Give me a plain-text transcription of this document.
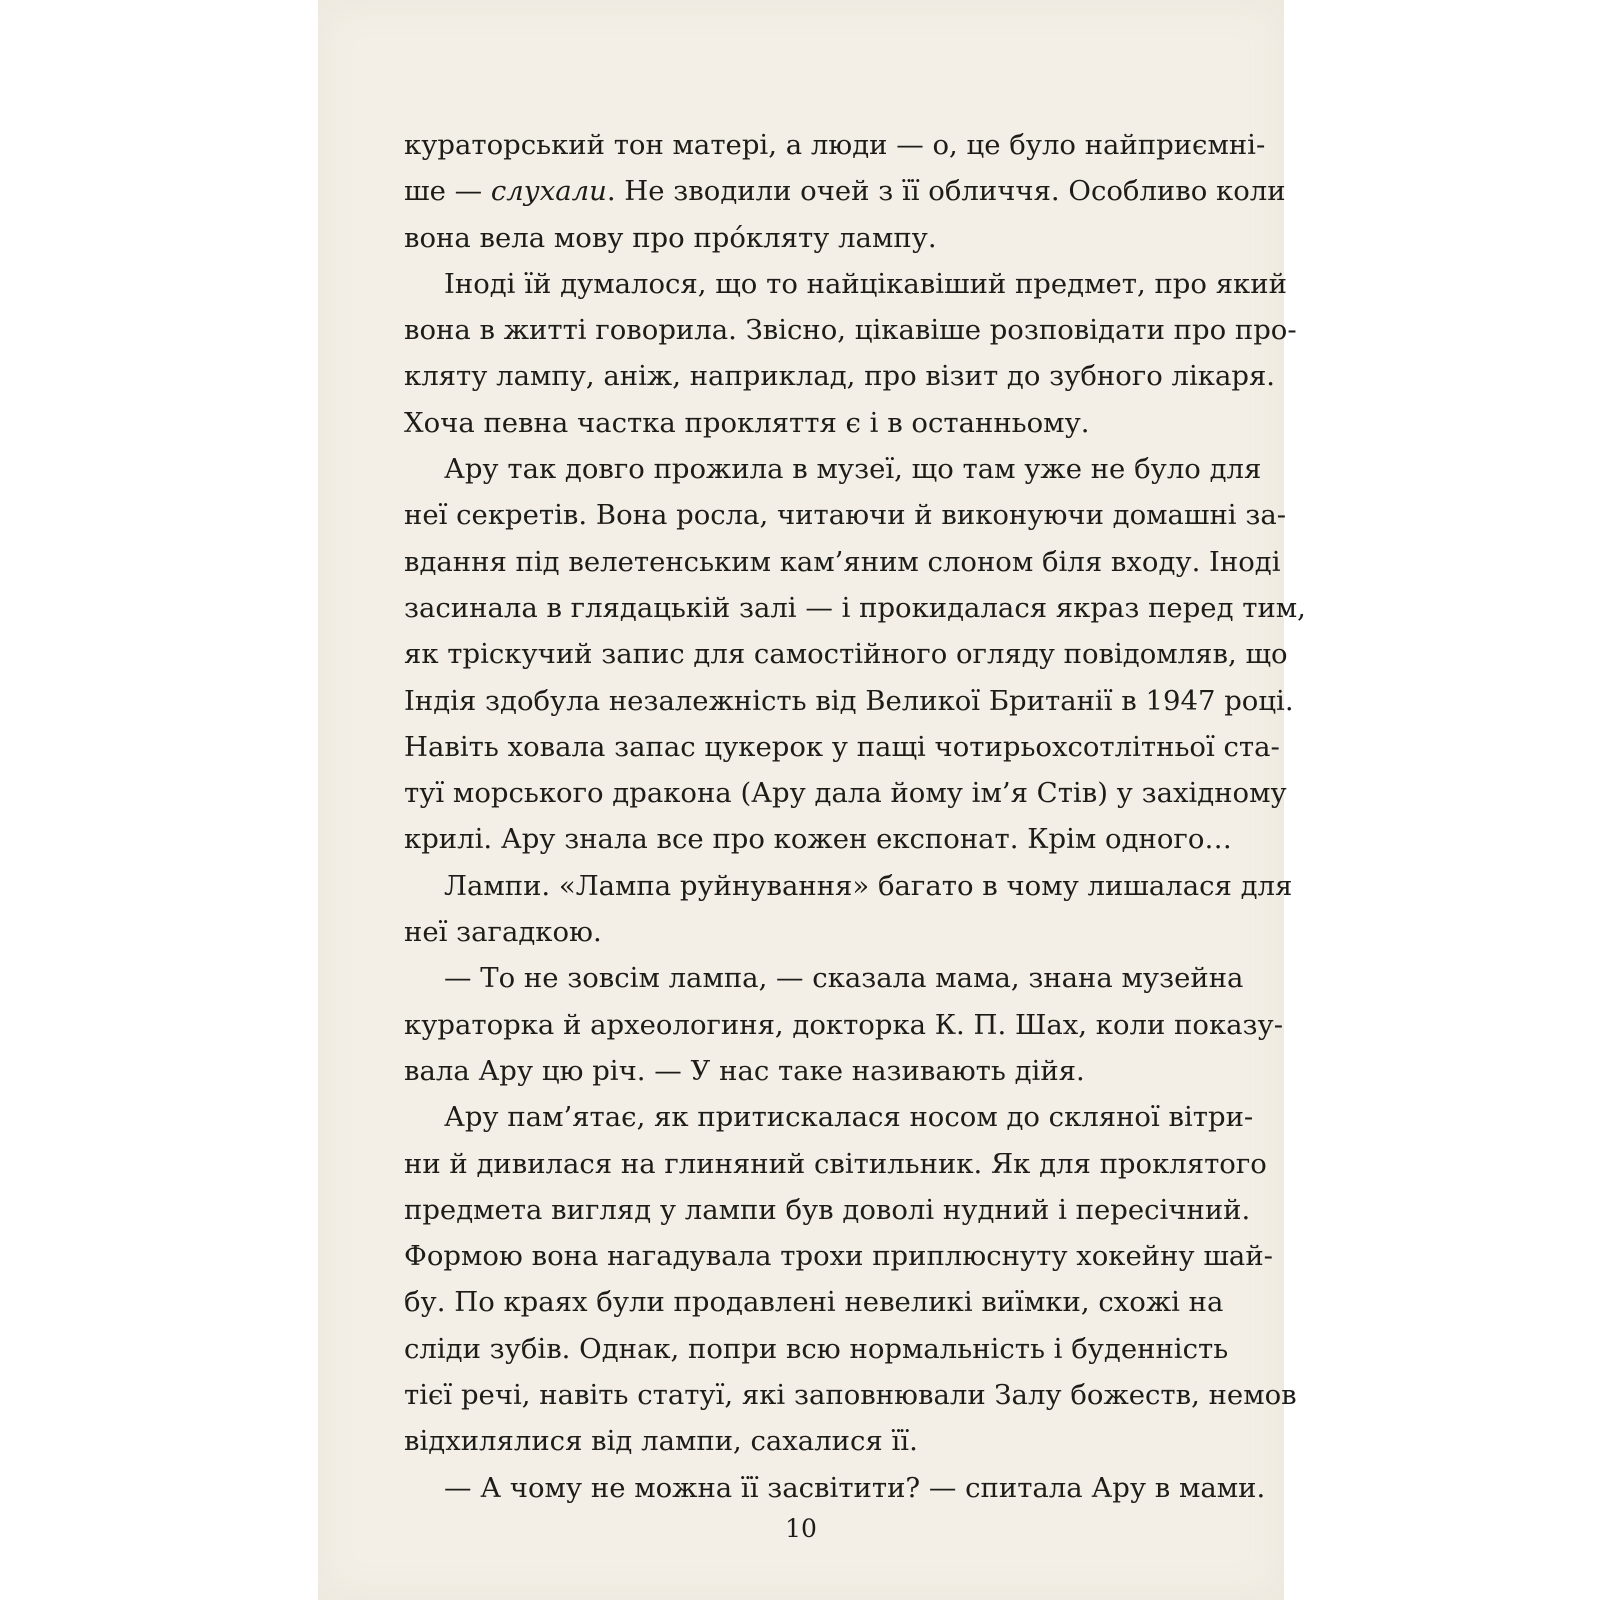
кураторський тон матері, а люди — о, це було найприємні-
ше — слухали. Не зводили очей з її обличчя. Особливо коли
вона вела мову про про́кляту лампу.
Іноді їй думалося, що то найцікавіший предмет, про який
вона в житті говорила. Звісно, цікавіше розповідати про про-
кляту лампу, аніж, наприклад, про візит до зубного лікаря.
Хоча певна частка прокляття є і в останньому.
Ару так довго прожила в музеї, що там уже не було для
неї секретів. Вона росла, читаючи й виконуючи домашні за-
вдання під велетенським кам’яним слоном біля входу. Іноді
засинала в глядацькій залі — і прокидалася якраз перед тим,
як тріскучий запис для самостійного огляду повідомляв, що
Індія здобула незалежність від Великої Британії в 1947 році.
Навіть ховала запас цукерок у пащі чотирьохсотлітньої ста-
туї морського дракона (Ару дала йому ім’я Стів) у західному
крилі. Ару знала все про кожен експонат. Крім одного…
Лампи. «Лампа руйнування» багато в чому лишалася для
неї загадкою.
— То не зовсім лампа, — сказала мама, знана музейна
кураторка й археологиня, докторка К. П. Шах, коли показу-
вала Ару цю річ. — У нас таке називають дійя.
Ару пам’ятає, як притискалася носом до скляної вітри-
ни й дивилася на глиняний світильник. Як для проклятого
предмета вигляд у лампи був доволі нудний і пересічний.
Формою вона нагадувала трохи приплюснуту хокейну шай-
бу. По краях були продавлені невеликі виїмки, схожі на
сліди зубів. Однак, попри всю нормальність і буденність
тієї речі, навіть статуї, які заповнювали Залу божеств, немов
відхилялися від лампи, сахалися її.
— А чому не можна її засвітити? — спитала Ару в мами.
10
